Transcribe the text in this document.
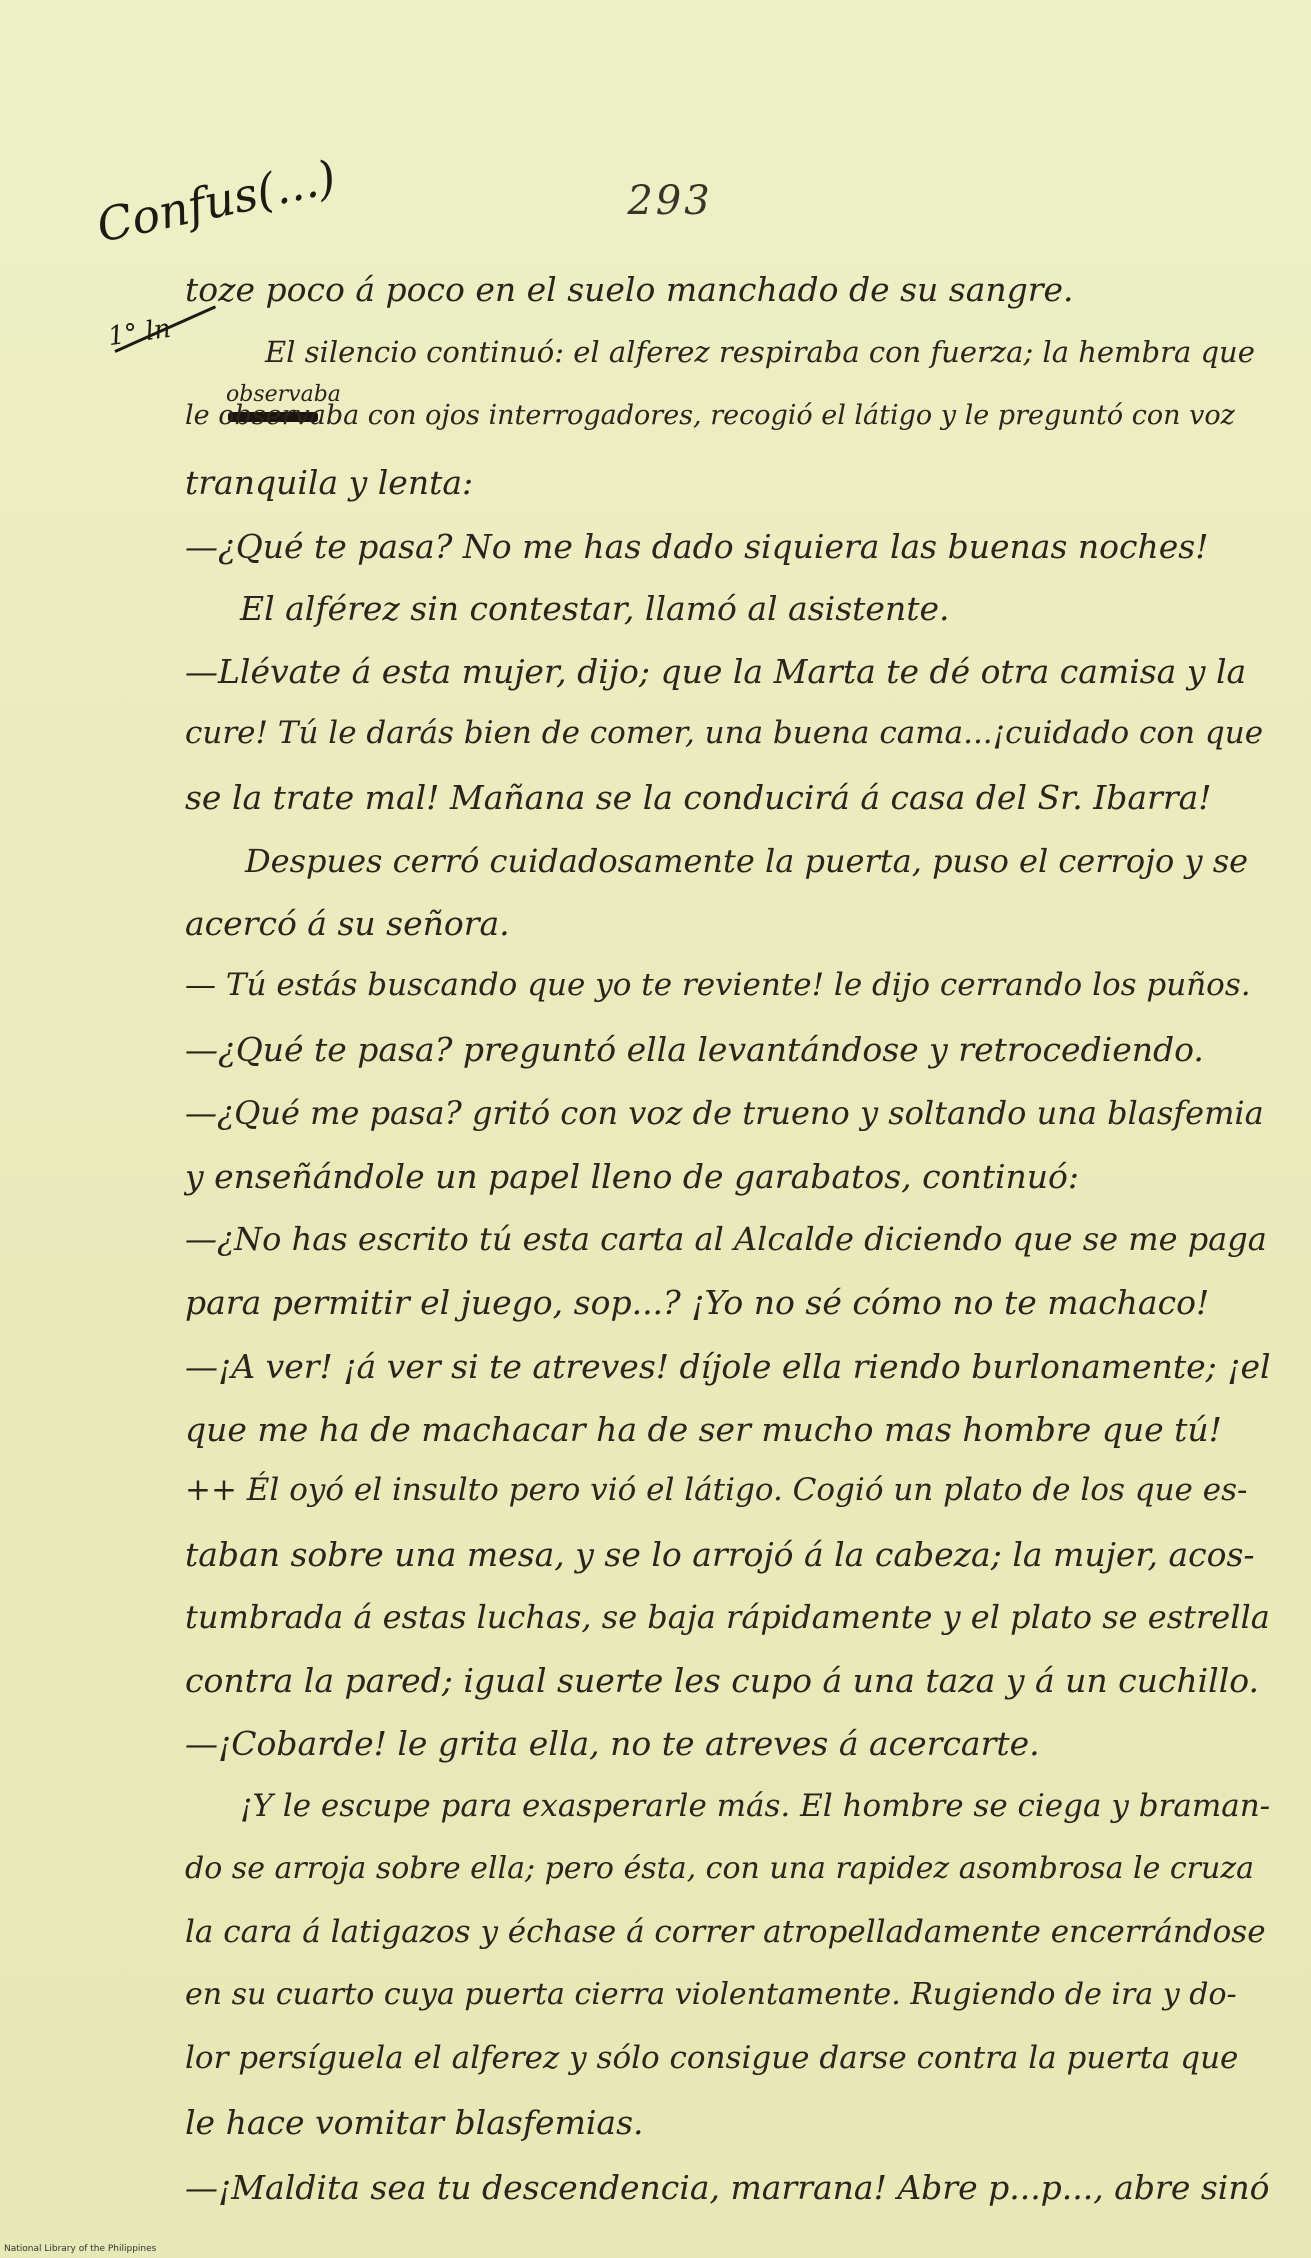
293
Confus(...)
1° ln
observaba
toze poco á poco en el suelo manchado de su sangre.
El silencio continuó: el alferez respiraba con fuerza; la hembra que
le observaba con ojos interrogadores, recogió el látigo y le preguntó con voz
tranquila y lenta:
—¿Qué te pasa? No me has dado siquiera las buenas noches!
El alférez sin contestar, llamó al asistente.
—Llévate á esta mujer, dijo; que la Marta te dé otra camisa y la
cure! Tú le darás bien de comer, una buena cama...¡cuidado con que
se la trate mal! Mañana se la conducirá á casa del Sr. Ibarra!
Despues cerró cuidadosamente la puerta, puso el cerrojo y se
acercó á su señora.
— Tú estás buscando que yo te reviente! le dijo cerrando los puños.
—¿Qué te pasa? preguntó ella levantándose y retrocediendo.
—¿Qué me pasa? gritó con voz de trueno y soltando una blasfemia
y enseñándole un papel lleno de garabatos, continuó:
—¿No has escrito tú esta carta al Alcalde diciendo que se me paga
para permitir el juego, sop...? ¡Yo no sé cómo no te machaco!
—¡A ver! ¡á ver si te atreves! díjole ella riendo burlonamente; ¡el
que me ha de machacar ha de ser mucho mas hombre que tú!
++ Él oyó el insulto pero vió el látigo. Cogió un plato de los que es-
taban sobre una mesa, y se lo arrojó á la cabeza; la mujer, acos-
tumbrada á estas luchas, se baja rápidamente y el plato se estrella
contra la pared; igual suerte les cupo á una taza y á un cuchillo.
—¡Cobarde! le grita ella, no te atreves á acercarte.
¡Y le escupe para exasperarle más. El hombre se ciega y braman-
do se arroja sobre ella; pero ésta, con una rapidez asombrosa le cruza
la cara á latigazos y échase á correr atropelladamente encerrándose
en su cuarto cuya puerta cierra violentamente. Rugiendo de ira y do-
lor persíguela el alferez y sólo consigue darse contra la puerta que
le hace vomitar blasfemias.
—¡Maldita sea tu descendencia, marrana! Abre p...p..., abre sinó
National Library of the Philippines
